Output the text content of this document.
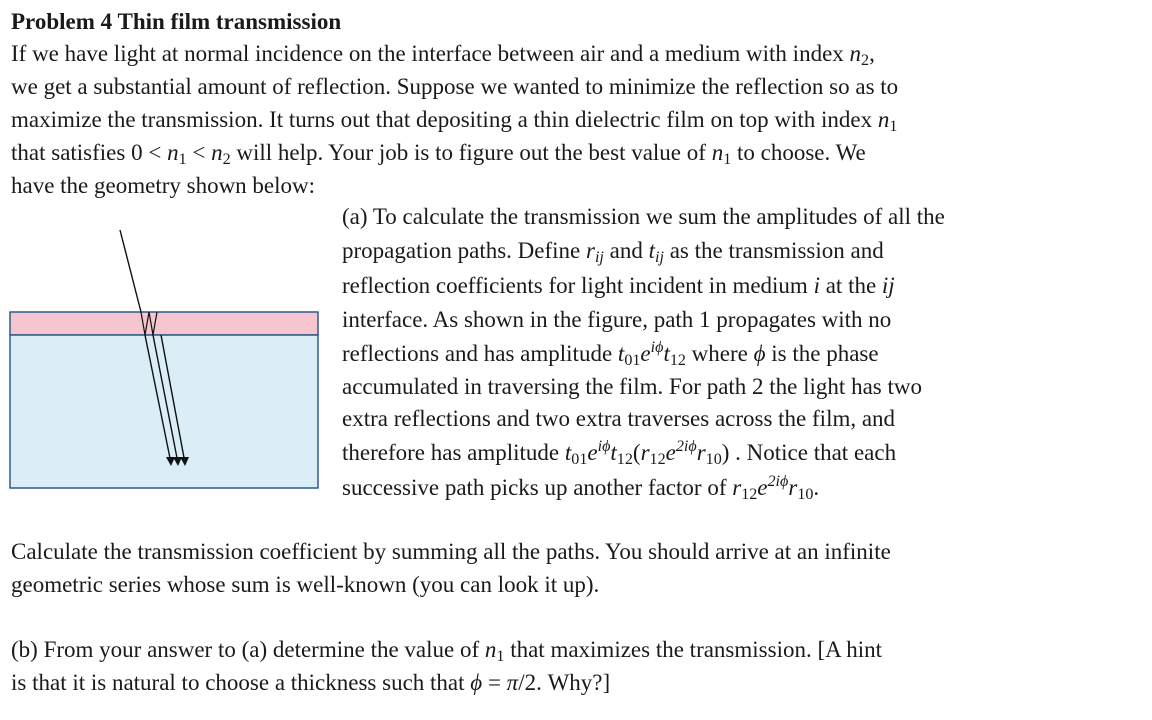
Problem 4 Thin film transmission
If we have light at normal incidence on the interface between air and a medium with index $n_2$,
we get a substantial amount of reflection. Suppose we wanted to minimize the reflection so as to
maximize the transmission. It turns out that depositing a thin dielectric film on top with index $n_1$
that satisfies $0 < n_1 < n_2$ will help. Your job is to figure out the best value of $n_1$ to choose. We
have the geometry shown below:
(a) To calculate the transmission we sum the amplitudes of all the
propagation paths. Define $r_{ij}$ and $t_{ij}$ as the transmission and
reflection coefficients for light incident in medium i at the ij
interface. As shown in the figure, path 1 propagates with no
reflections and has amplitude $t_{01}e^{i\phi}t_{12}$ where ϕ is the phase
accumulated in traversing the film. For path 2 the light has two
extra reflections and two extra traverses across the film, and
therefore has amplitude $t_{01}e^{i\phi}t_{12}(r_{12}e^{2i\phi}r_{10})$ . Notice that each
successive path picks up another factor of $r_{12}e^{2i\phi}r_{10}$.
Calculate the transmission coefficient by summing all the paths. You should arrive at an infinite
geometric series whose sum is well-known (you can look it up).
(b) From your answer to (a) determine the value of $n_1$ that maximizes the transmission. [A hint
is that it is natural to choose a thickness such that ϕ = π/2. Why?]
